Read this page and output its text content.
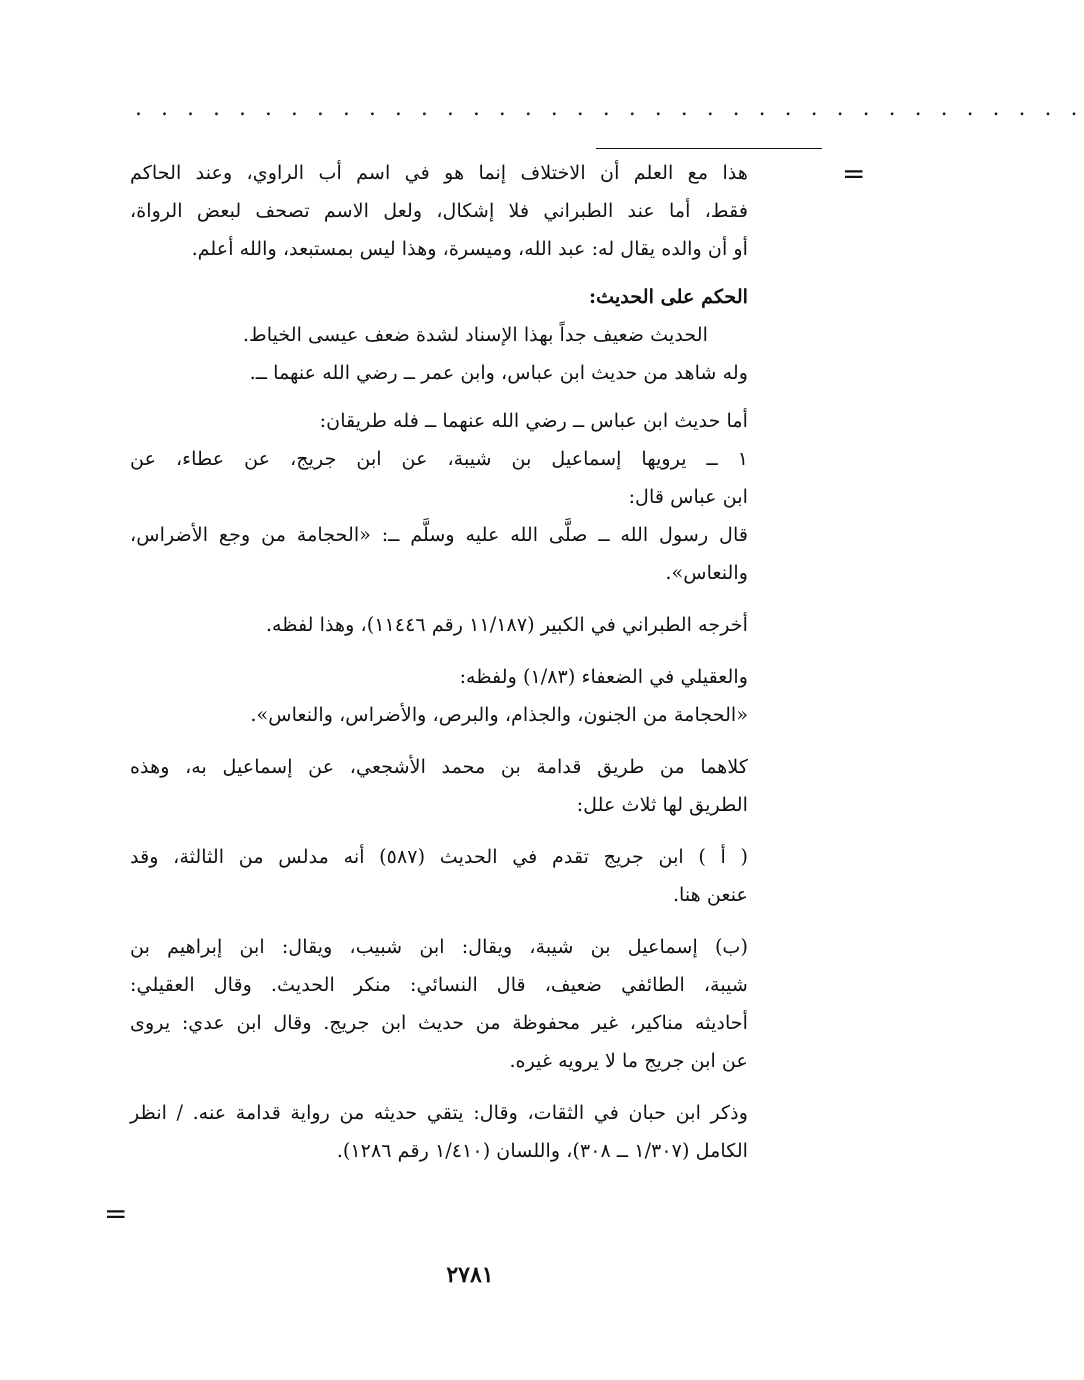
. . . . . . . . . . . . . . . . . . . . . . . . . . . . . . . . . . . . .
=
=
هذا مع العلم أن الاختلاف إنما هو في اسم أب الراوي، وعند الحاكم
فقط، أما عند الطبراني فلا إشكال، ولعل الاسم تصحف لبعض الرواة،
أو أن والده يقال له: عبد الله، وميسرة، وهذا ليس بمستبعد، والله أعلم.
الحكم على الحديث:
الحديث ضعيف جداً بهذا الإسناد لشدة ضعف عيسى الخياط.
وله شاهد من حديث ابن عباس، وابن عمر ــ رضي الله عنهما ــ.
أما حديث ابن عباس ــ رضي الله عنهما ــ فله طريقان:
١ ــ يرويها إسماعيل بن شيبة، عن ابن جريج، عن عطاء، عن
ابن عباس قال:
قال رسول الله ــ صلَّى الله عليه وسلَّم ــ: «الحجامة من وجع الأضراس،
والنعاس».
أخرجه الطبراني في الكبير (١١/١٨٧ رقم ١١٤٤٦)، وهذا لفظه.
والعقيلي في الضعفاء (١/٨٣) ولفظه:
«الحجامة من الجنون، والجذام، والبرص، والأضراس، والنعاس».
كلاهما من طريق قدامة بن محمد الأشجعي، عن إسماعيل به، وهذه
الطريق لها ثلاث علل:
( أ ) ابن جريج تقدم في الحديث (٥٨٧) أنه مدلس من الثالثة، وقد
عنعن هنا.
(ب) إسماعيل بن شيبة، ويقال: ابن شبيب، ويقال: ابن إبراهيم بن
شيبة، الطائفي ضعيف، قال النسائي: منكر الحديث. وقال العقيلي:
أحاديثه مناكير، غير محفوظة من حديث ابن جريج. وقال ابن عدي: يروى
عن ابن جريج ما لا يرويه غيره.
وذكر ابن حبان في الثقات، وقال: يتقي حديثه من رواية قدامة عنه. / انظر
الكامل (١/٣٠٧ ــ ٣٠٨)، واللسان (١/٤١٠ رقم ١٢٨٦).
٢٧٨١
